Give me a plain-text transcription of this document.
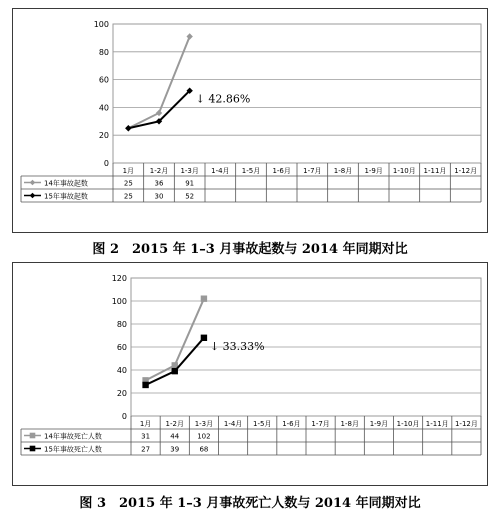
0
20
40
60
80
100
1月 1-2月 1-3月 1-4月 1-5月 1-6月 1-7月 1-8月 1-9月 1-10月 1-11月 1-12月
14年事故起数	25	36	91
15年事故起数	25	30	52
↓ 42.86%
图 2　2015 年 1–3 月事故起数与 2014 年同期对比
0
20
40
60
80
100
120
1月 1-2月 1-3月 1-4月 1-5月 1-6月 1-7月 1-8月 1-9月 1-10月 1-11月 1-12月
14年事故死亡人数	31	44	102
15年事故死亡人数	27	39	68
↓ 33.33%
图 3　2015 年 1–3 月事故死亡人数与 2014 年同期对比
